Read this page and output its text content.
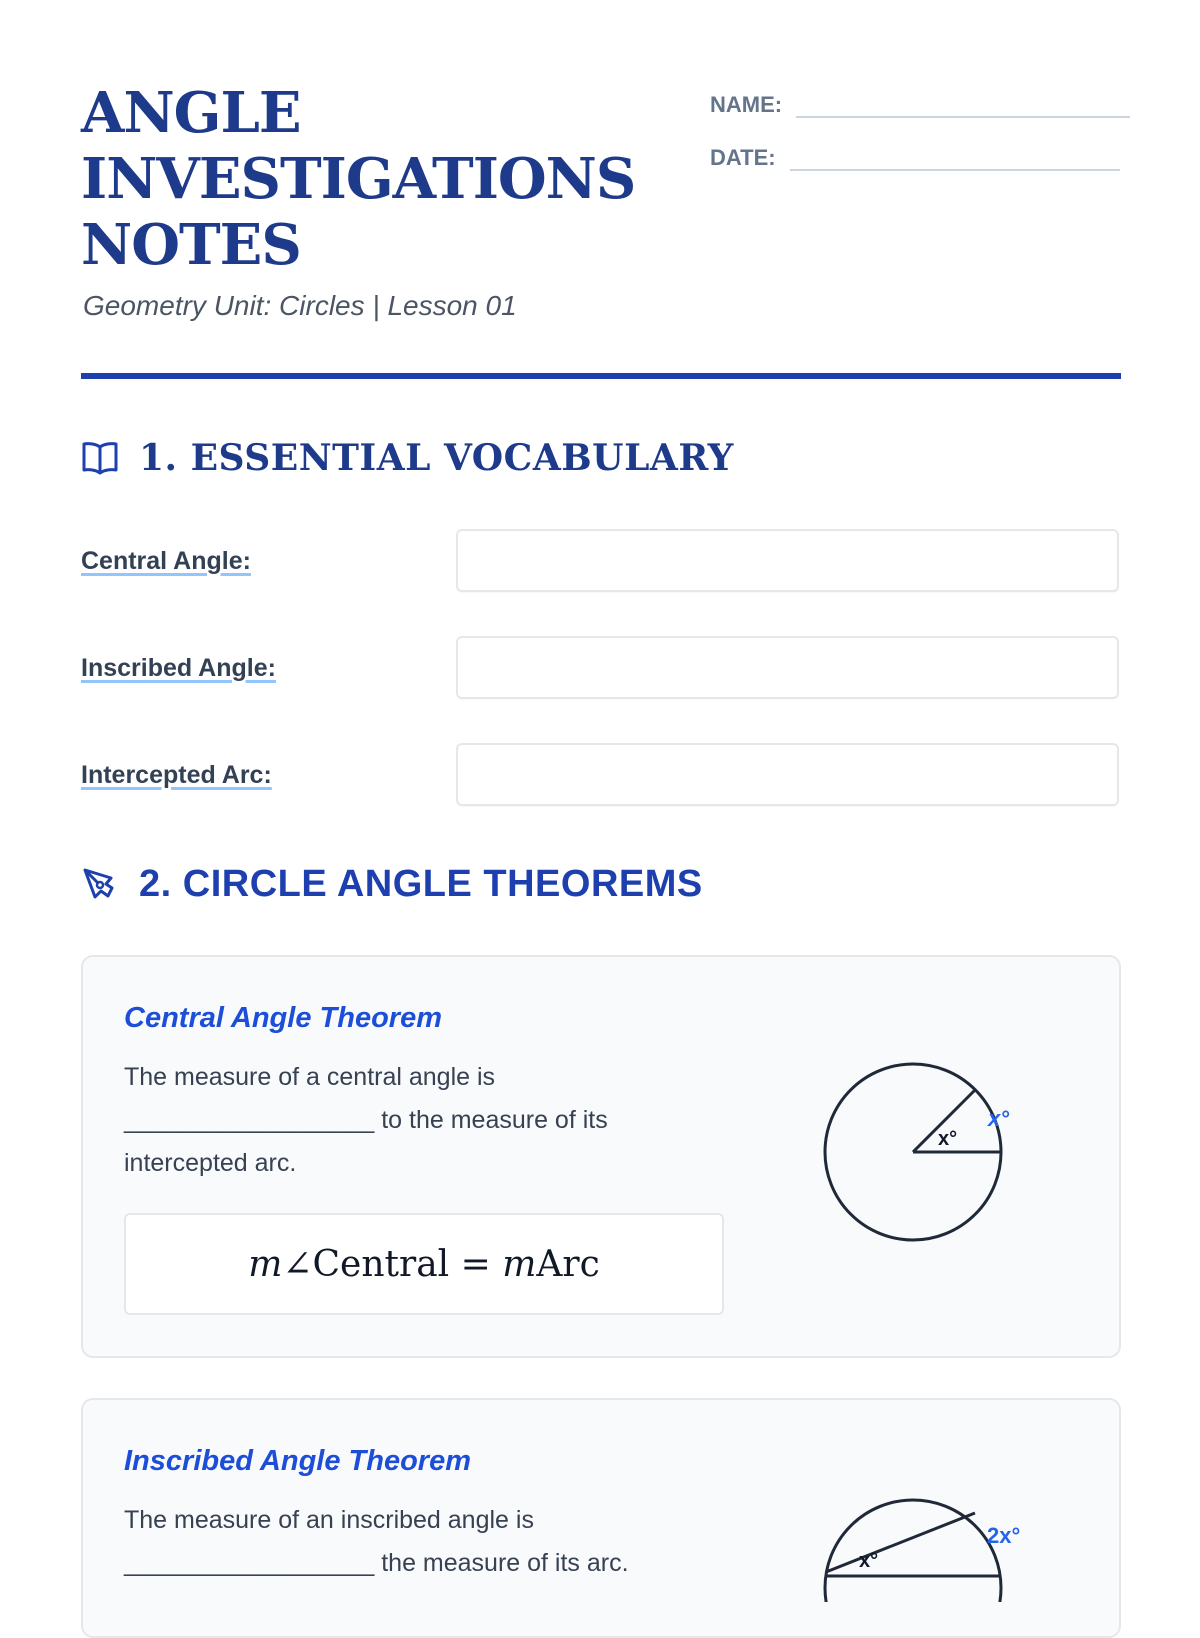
ANGLE
INVESTIGATIONS
NOTES
Geometry Unit: Circles | Lesson 01
NAME:
DATE:
1. ESSENTIAL VOCABULARY
Central Angle:
Inscribed Angle:
Intercepted Arc:
2. CIRCLE ANGLE THEOREMS
Central Angle Theorem
The measure of a central angle is
__________________ to the measure of its intercepted arc.
m ∠Central = m Arc
x°
x°
Inscribed Angle Theorem
The measure of an inscribed angle is
__________________ the measure of its arc.	x°
2x°
